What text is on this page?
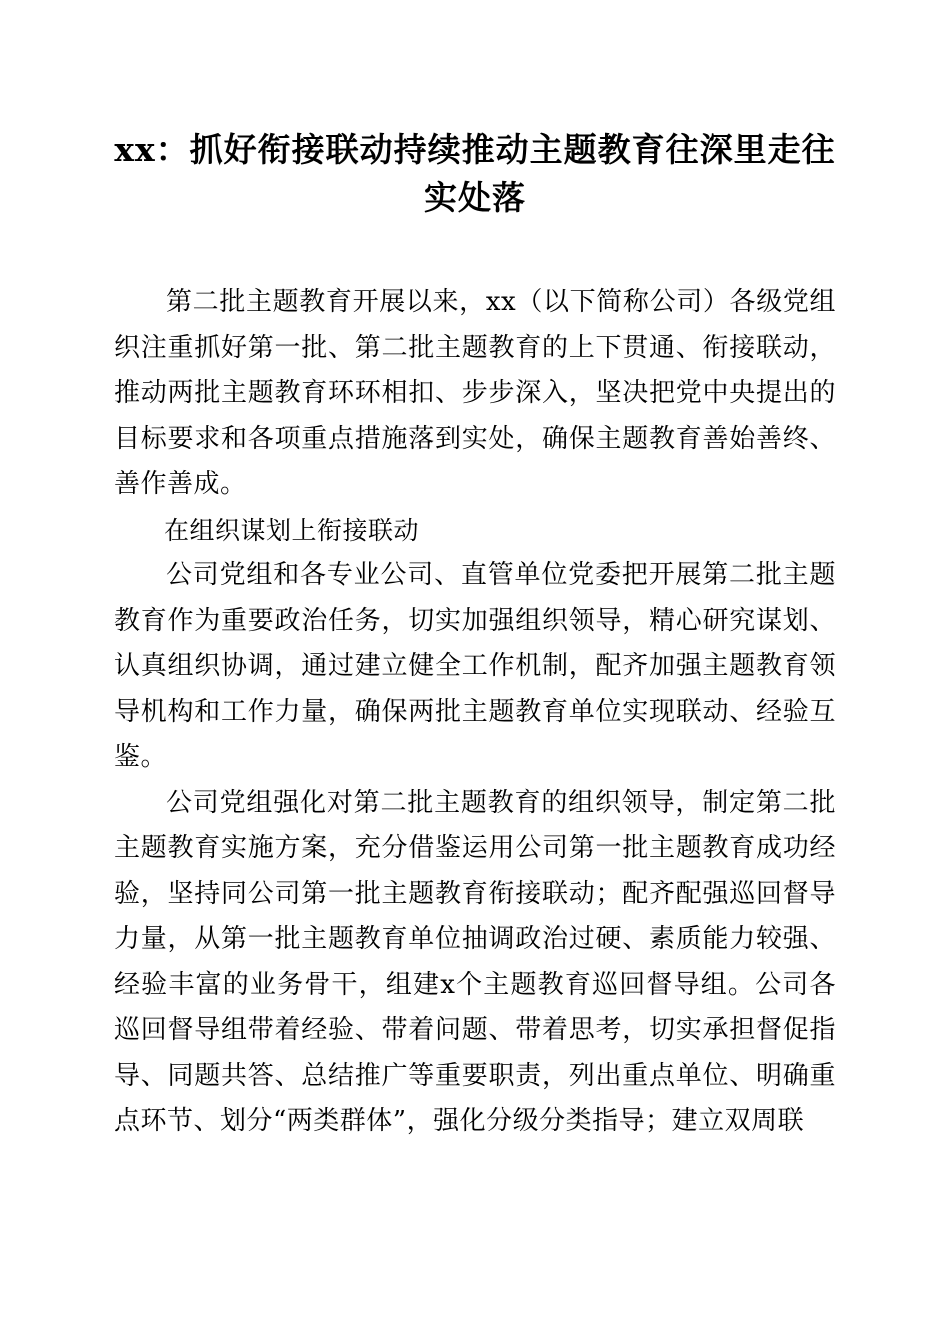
xx：抓好衔接联动持续推动主题教育往深里走往实处落

第二批主题教育开展以来，xx（以下简称公司）各级党组织注重抓好第一批、第二批主题教育的上下贯通、衔接联动，推动两批主题教育环环相扣、步步深入，坚决把党中央提出的目标要求和各项重点措施落到实处，确保主题教育善始善终、善作善成。

在组织谋划上衔接联动

公司党组和各专业公司、直管单位党委把开展第二批主题教育作为重要政治任务，切实加强组织领导，精心研究谋划、认真组织协调，通过建立健全工作机制，配齐加强主题教育领导机构和工作力量，确保两批主题教育单位实现联动、经验互鉴。

公司党组强化对第二批主题教育的组织领导，制定第二批主题教育实施方案，充分借鉴运用公司第一批主题教育成功经验，坚持同公司第一批主题教育衔接联动；配齐配强巡回督导力量，从第一批主题教育单位抽调政治过硬、素质能力较强、经验丰富的业务骨干，组建x个主题教育巡回督导组。公司各巡回督导组带着经验、带着问题、带着思考，切实承担督促指导、同题共答、总结推广等重要职责，列出重点单位、明确重点环节、划分“两类群体”，强化分级分类指导；建立双周联
